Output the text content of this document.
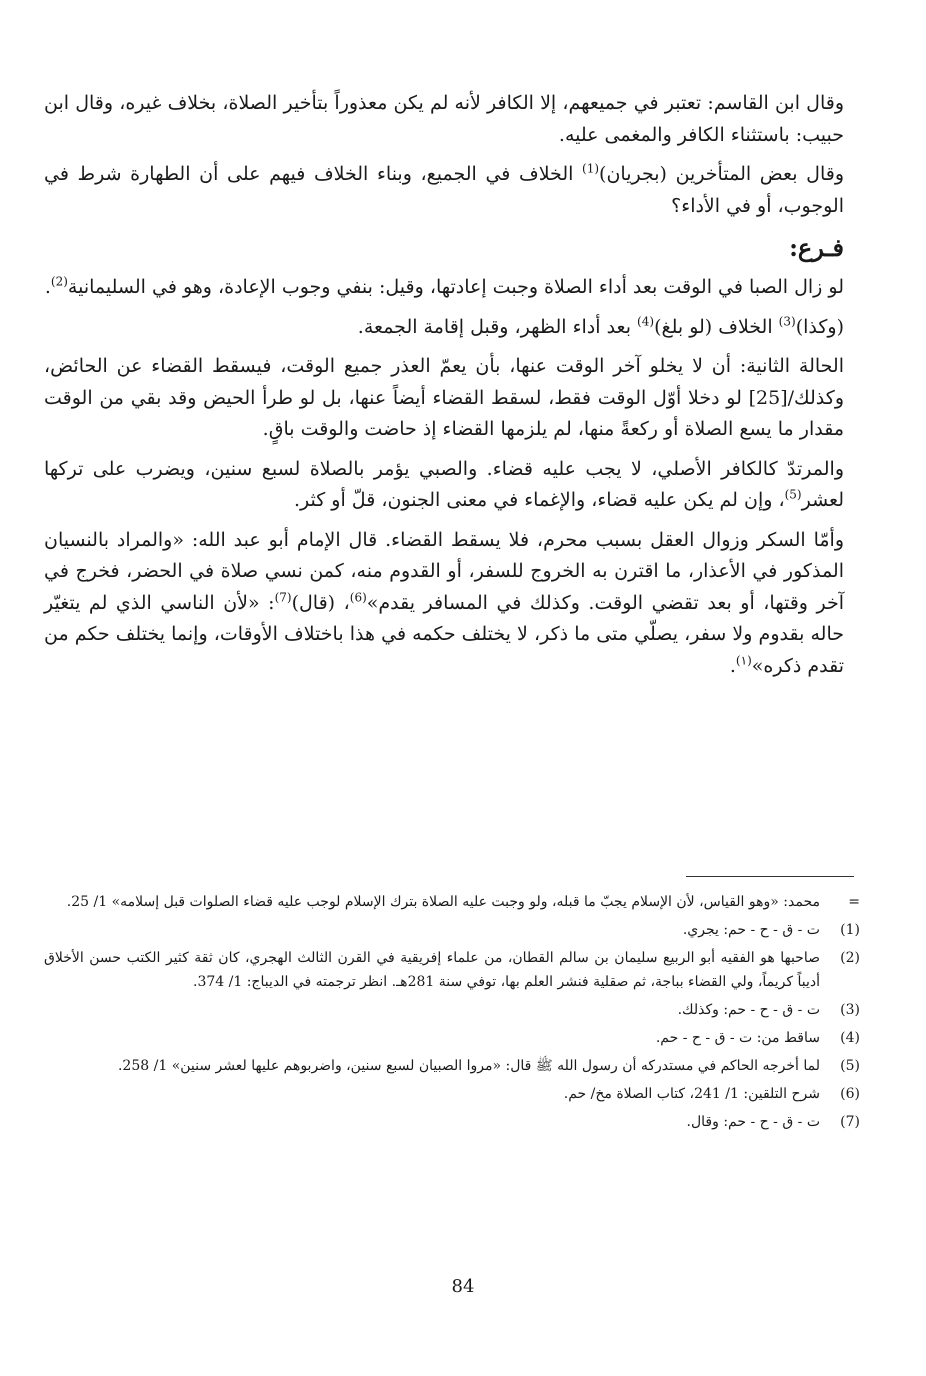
وقال ابن القاسم: تعتبر في جميعهم، إلا الكافر لأنه لم يكن معذوراً بتأخير الصلاة، بخلاف غيره، وقال ابن حبيب: باستثناء الكافر والمغمى عليه.

وقال بعض المتأخرين (بجريان)$^{(1)}$ الخلاف في الجميع، وبناء الخلاف فيهم على أن الطهارة شرط في الوجوب، أو في الأداء؟

فـرع:

لو زال الصبا في الوقت بعد أداء الصلاة وجبت إعادتها، وقيل: بنفي وجوب الإعادة، وهو في السليمانية$^{(2)}$.

(وكذا)$^{(3)}$ الخلاف (لو بلغ)$^{(4)}$ بعد أداء الظهر، وقبل إقامة الجمعة.

الحالة الثانية: أن لا يخلو آخر الوقت عنها، بأن يعمّ العذر جميع الوقت، فيسقط القضاء عن الحائض، وكذلك/[25] لو دخلا أوّل الوقت فقط، لسقط القضاء أيضاً عنها، بل لو طرأ الحيض وقد بقي من الوقت مقدار ما يسع الصلاة أو ركعةً منها، لم يلزمها القضاء إذ حاضت والوقت باقٍ.

والمرتدّ كالكافر الأصلي، لا يجب عليه قضاء. والصبي يؤمر بالصلاة لسبع سنين، ويضرب على تركها لعشر$^{(5)}$، وإن لم يكن عليه قضاء، والإغماء في معنى الجنون، قلّ أو كثر.

وأمّا السكر وزوال العقل بسبب محرم، فلا يسقط القضاء. قال الإمام أبو عبد الله: «والمراد بالنسيان المذكور في الأعذار، ما اقترن به الخروج للسفر، أو القدوم منه، كمن نسي صلاة في الحضر، فخرج في آخر وقتها، أو بعد تقضي الوقت. وكذلك في المسافر يقدم»$^{(6)}$، (قال)$^{(7)}$: «لأن الناسي الذي لم يتغيّر حاله بقدوم ولا سفر، يصلّي متى ما ذكر، لا يختلف حكمه في هذا باختلاف الأوقات، وإنما يختلف حكم من تقدم ذكره»$^{(١)}$.

=
محمد: «وهو القياس، لأن الإسلام يجبّ ما قبله، ولو وجبت عليه الصلاة بترك الإسلام لوجب عليه قضاء الصلوات قبل إسلامه» 1/ 25.
(1)
ت - ق - ح - حم: يجري.
(2)
صاحبها هو الفقيه أبو الربيع سليمان بن سالم القطان، من علماء إفريقية في القرن الثالث الهجري، كان ثقة كثير الكتب حسن الأخلاق أديباً كريماً، ولي القضاء بباجة، ثم صقلية فنشر العلم بها، توفي سنة 281هـ. انظر ترجمته في الديباج: 1/ 374.
(3)
ت - ق - ح - حم: وكذلك.
(4)
ساقط من: ت - ق - ح - حم.
(5)
لما أخرجه الحاكم في مستدركه أن رسول الله ﷺ قال: «مروا الصبيان لسبع سنين، واضربوهم عليها لعشر سنين» 1/ 258.
(6)
شرح التلقين: 1/ 241، كتاب الصلاة مخ/ حم.
(7)
ت - ق - ح - حم: وقال.
84
